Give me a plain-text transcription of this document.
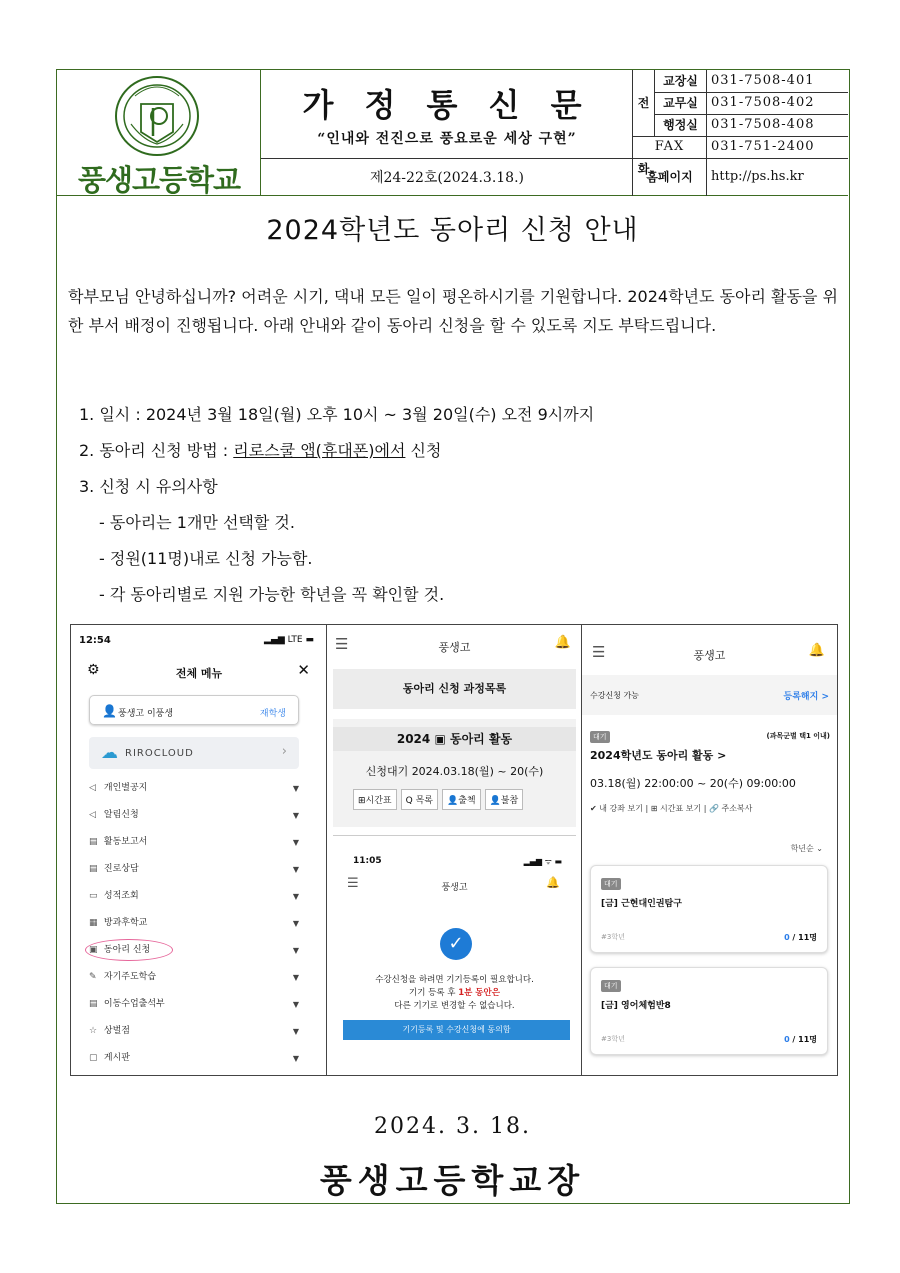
풍생고등학교
가 정 통 신 문
“인내와 전진으로 풍요로운 세상 구현”
제24-22호(2024.3.18.)
전화
교장실	031-7508-401
교무실	031-7508-402
행정실	031-7508-408
FAX	031-751-2400
홈페이지	http://ps.hs.kr
2024학년도 동아리 신청 안내
학부모님 안녕하십니까? 어려운 시기, 댁내 모든 일이 평온하시기를 기원합니다. 2024학년도 동아리 활동을 위한 부서 배정이 진행됩니다. 아래 안내와 같이 동아리 신청을 할 수 있도록 지도 부탁드립니다.
1. 일시 : 2024년 3월 18일(월) 오후 10시 ~ 3월 20일(수) 오전 9시까지
2. 동아리 신청 방법 : 리로스쿨 앱(휴대폰)에서 신청
3. 신청 시 유의사항
- 동아리는 1개만 선택할 것.
- 정원(11명)내로 신청 가능함.
- 각 동아리별로 지원 가능한 학년을 꼭 확인할 것.
12:54	▂▄▆ LTE ▬
⚙	전체 메뉴	✕
👤 풍생고 이풍생	재학생
☁ RIROCLOUD	›
◁ 개인별공지	▼
◁ 알림신청	▼
▤ 활동보고서	▼
▤ 진로상담	▼
▭ 성적조회	▼
▦ 방과후학교	▼
▣ 동아리 신청	▼
✎ 자기주도학습	▼
▤ 이동수업출석부	▼
☆ 상벌점	▼
▢ 게시판	▼
☰	풍생고	🔔
동아리 신청 과정목록
2024 ▣ 동아리 활동
신청대기 2024.03.18(월) ~ 20(수)
⊞시간표	Q 목록	👤출첵	👤불참
11:05	▂▄▆ ᯤ ▬
☰	풍생고	🔔
✓
수강신청을 하려면 기기등록이 필요합니다.
기기 등록 후 1분 동안은
다른 기기로 변경할 수 없습니다.
기기등록 및 수강신청에 동의함
☰	풍생고	🔔
수강신청 가능	등록해지 >
대기	(과목군별 택1 이내)
2024학년도 동아리 활동 >
03.18(월) 22:00:00 ~ 20(수) 09:00:00
✔ 내 강좌 보기 | ⊞ 시간표 보기 | 🔗 주소복사
학년순 ⌄
대기
[금] 근현대인권탐구
#3학년	0 / 11명
대기
[금] 영어체험반8
#3학년	0 / 11명
2024. 3. 18.
풍생고등학교장
